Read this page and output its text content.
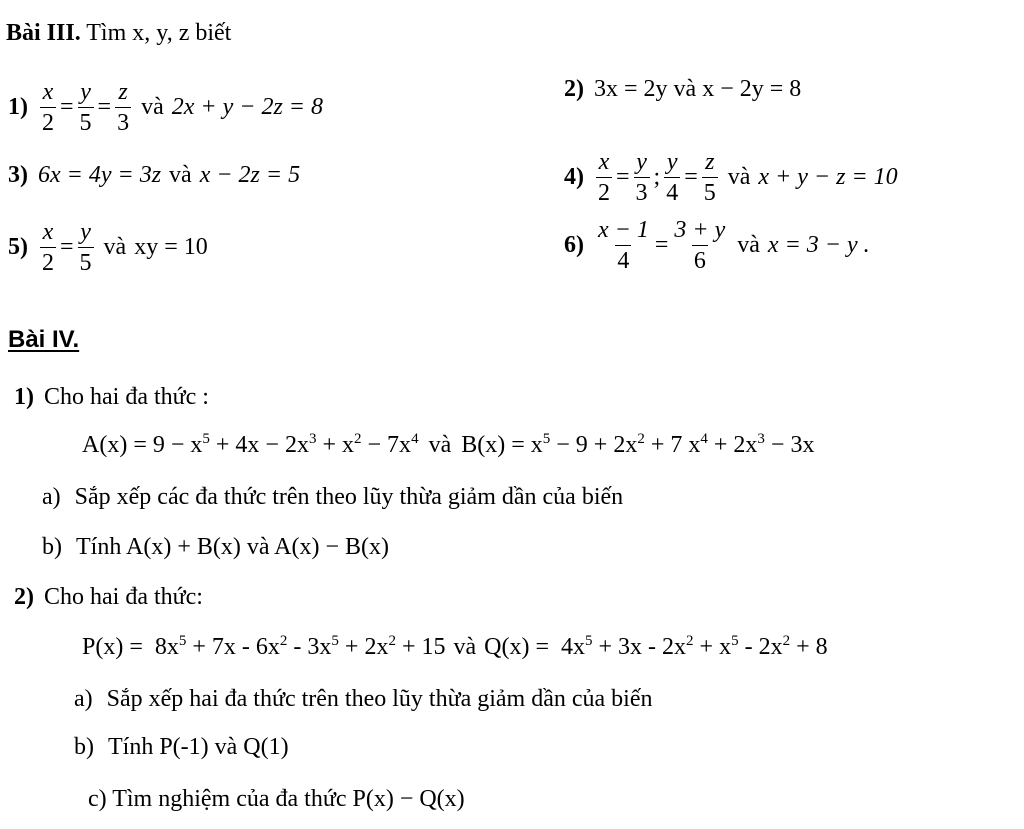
Bài III. Tìm x, y, z biết
$1) \frac{x}{2} = \frac{y}{5} = \frac{z}{3}$ và 2x + y − 2z = 8
2) 3x = 2y và x − 2y = 8
3) 6x = 4y = 3z và x − 2z = 5	$4) \frac{x}{2} = \frac{y}{3}$ ; $\frac{y}{4} = \frac{z}{5}$ và x + y − z = 10
$5) \frac{x}{2} = \frac{y}{5}$ và xy = 10	$6) \frac{x - 1}{4} = \frac{3 + y}{6}$ và x = 3 − y .
Bài IV.
1) Cho hai đa thức :
$A(x) = 9 - x^5 + 4x - 2x^3 + x^2 - 7x^4$ và $B(x) = x^5 - 9 + 2x^2 + 7$ $x^4 + 2x^3 - 3x$
a) Sắp xếp các đa thức trên theo lũy thừa giảm dần của biến
b) Tính A(x) + B(x) và A(x) − B(x)
2) Cho hai đa thức:
$P(x) = 8x^5 + 7x - 6x^2 - 3x^5 + 2x^2 + 15$ và $Q(x) = 4x^5 + 3x - 2x^2 + x^5 - 2x^2 + 8$
a) Sắp xếp hai đa thức trên theo lũy thừa giảm dần của biến
b) Tính P(-1) và Q(1)
c) Tìm nghiệm của đa thức P(x) − Q(x)
